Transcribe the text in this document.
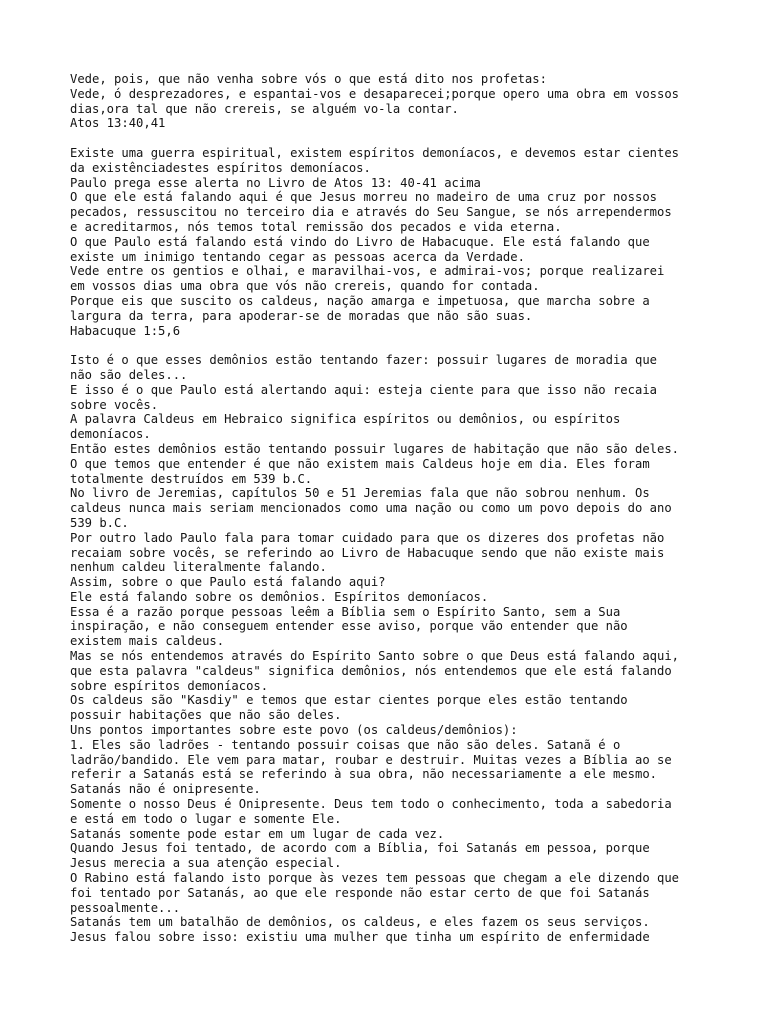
Vede, pois, que não venha sobre vós o que está dito nos profetas:
Vede, ó desprezadores, e espantai-vos e desaparecei;porque opero uma obra em vossos
dias,ora tal que não crereis, se alguém vo-la contar.
Atos 13:40,41
Existe uma guerra espiritual, existem espíritos demoníacos, e devemos estar cientes
da existênciadestes espíritos demoníacos.
Paulo prega esse alerta no Livro de Atos 13: 40-41 acima
O que ele está falando aqui é que Jesus morreu no madeiro de uma cruz por nossos
pecados, ressuscitou no terceiro dia e através do Seu Sangue, se nós arrependermos
e acreditarmos, nós temos total remissão dos pecados e vida eterna.
O que Paulo está falando está vindo do Livro de Habacuque. Ele está falando que
existe um inimigo tentando cegar as pessoas acerca da Verdade.
Vede entre os gentios e olhai, e maravilhai-vos, e admirai-vos; porque realizarei
em vossos dias uma obra que vós não crereis, quando for contada.
Porque eis que suscito os caldeus, nação amarga e impetuosa, que marcha sobre a
largura da terra, para apoderar-se de moradas que não são suas.
Habacuque 1:5,6
Isto é o que esses demônios estão tentando fazer: possuir lugares de moradia que
não são deles...
E isso é o que Paulo está alertando aqui: esteja ciente para que isso não recaia
sobre vocês.
A palavra Caldeus em Hebraico significa espíritos ou demônios, ou espíritos
demoníacos.
Então estes demônios estão tentando possuir lugares de habitação que não são deles.
O que temos que entender é que não existem mais Caldeus hoje em dia. Eles foram
totalmente destruídos em 539 b.C.
No livro de Jeremias, capítulos 50 e 51 Jeremias fala que não sobrou nenhum. Os
caldeus nunca mais seriam mencionados como uma nação ou como um povo depois do ano
539 b.C.
Por outro lado Paulo fala para tomar cuidado para que os dizeres dos profetas não
recaiam sobre vocês, se referindo ao Livro de Habacuque sendo que não existe mais
nenhum caldeu literalmente falando.
Assim, sobre o que Paulo está falando aqui?
Ele está falando sobre os demônios. Espíritos demoníacos.
Essa é a razão porque pessoas leêm a Bíblia sem o Espírito Santo, sem a Sua
inspiração, e não conseguem entender esse aviso, porque vão entender que não
existem mais caldeus.
Mas se nós entendemos através do Espírito Santo sobre o que Deus está falando aqui,
que esta palavra "caldeus" significa demônios, nós entendemos que ele está falando
sobre espíritos demoníacos.
Os caldeus são "Kasdiy" e temos que estar cientes porque eles estão tentando
possuir habitações que não são deles.
Uns pontos importantes sobre este povo (os caldeus/demônios):
1. Eles são ladrões - tentando possuir coisas que não são deles. Satanã é o
ladrão/bandido. Ele vem para matar, roubar e destruir. Muitas vezes a Bíblia ao se
referir a Satanás está se referindo à sua obra, não necessariamente a ele mesmo.
Satanás não é onipresente.
Somente o nosso Deus é Onipresente. Deus tem todo o conhecimento, toda a sabedoria
e está em todo o lugar e somente Ele.
Satanás somente pode estar em um lugar de cada vez.
Quando Jesus foi tentado, de acordo com a Bíblia, foi Satanás em pessoa, porque
Jesus merecia a sua atenção especial.
O Rabino está falando isto porque às vezes tem pessoas que chegam a ele dizendo que
foi tentado por Satanás, ao que ele responde não estar certo de que foi Satanás
pessoalmente...
Satanás tem um batalhão de demônios, os caldeus, e eles fazem os seus serviços.
Jesus falou sobre isso: existiu uma mulher que tinha um espírito de enfermidade
